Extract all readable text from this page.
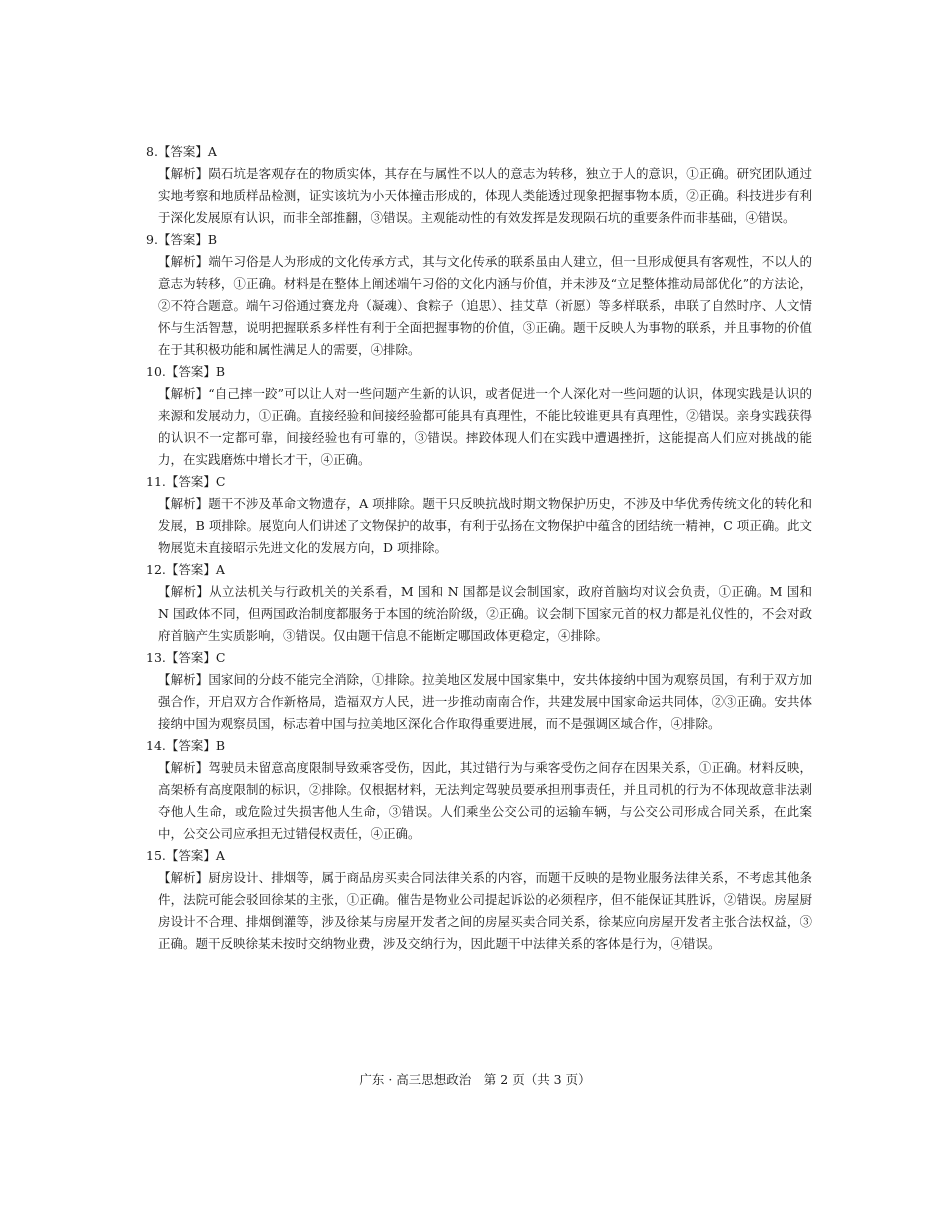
8.【答案】A
【解析】陨石坑是客观存在的物质实体，其存在与属性不以人的意志为转移，独立于人的意识，①正确。研究团队通过实地考察和地质样品检测，证实该坑为小天体撞击形成的，体现人类能透过现象把握事物本质，②正确。科技进步有利于深化发展原有认识，而非全部推翻，③错误。主观能动性的有效发挥是发现陨石坑的重要条件而非基础，④错误。
9.【答案】B
【解析】端午习俗是人为形成的文化传承方式，其与文化传承的联系虽由人建立，但一旦形成便具有客观性，不以人的意志为转移，①正确。材料是在整体上阐述端午习俗的文化内涵与价值，并未涉及“立足整体推动局部优化”的方法论，②不符合题意。端午习俗通过赛龙舟（凝魂）、食粽子（追思）、挂艾草（祈愿）等多样联系，串联了自然时序、人文情怀与生活智慧，说明把握联系多样性有利于全面把握事物的价值，③正确。题干反映人为事物的联系，并且事物的价值在于其积极功能和属性满足人的需要，④排除。
10.【答案】B
【解析】“自己摔一跤”可以让人对一些问题产生新的认识，或者促进一个人深化对一些问题的认识，体现实践是认识的来源和发展动力，①正确。直接经验和间接经验都可能具有真理性，不能比较谁更具有真理性，②错误。亲身实践获得的认识不一定都可靠，间接经验也有可靠的，③错误。摔跤体现人们在实践中遭遇挫折，这能提高人们应对挑战的能力，在实践磨炼中增长才干，④正确。
11.【答案】C
【解析】题干不涉及革命文物遗存，A 项排除。题干只反映抗战时期文物保护历史，不涉及中华优秀传统文化的转化和发展，B 项排除。展览向人们讲述了文物保护的故事，有利于弘扬在文物保护中蕴含的团结统一精神，C 项正确。此文物展览未直接昭示先进文化的发展方向，D 项排除。
12.【答案】A
【解析】从立法机关与行政机关的关系看，M 国和 N 国都是议会制国家，政府首脑均对议会负责，①正确。M 国和 N 国政体不同，但两国政治制度都服务于本国的统治阶级，②正确。议会制下国家元首的权力都是礼仪性的，不会对政府首脑产生实质影响，③错误。仅由题干信息不能断定哪国政体更稳定，④排除。
13.【答案】C
【解析】国家间的分歧不能完全消除，①排除。拉美地区发展中国家集中，安共体接纳中国为观察员国，有利于双方加强合作，开启双方合作新格局，造福双方人民，进一步推动南南合作，共建发展中国家命运共同体，②③正确。安共体接纳中国为观察员国，标志着中国与拉美地区深化合作取得重要进展，而不是强调区域合作，④排除。
14.【答案】B
【解析】驾驶员未留意高度限制导致乘客受伤，因此，其过错行为与乘客受伤之间存在因果关系，①正确。材料反映，高架桥有高度限制的标识，②排除。仅根据材料，无法判定驾驶员要承担刑事责任，并且司机的行为不体现故意非法剥夺他人生命，或危险过失损害他人生命，③错误。人们乘坐公交公司的运输车辆，与公交公司形成合同关系，在此案中，公交公司应承担无过错侵权责任，④正确。
15.【答案】A
【解析】厨房设计、排烟等，属于商品房买卖合同法律关系的内容，而题干反映的是物业服务法律关系，不考虑其他条件，法院可能会驳回徐某的主张，①正确。催告是物业公司提起诉讼的必须程序，但不能保证其胜诉，②错误。房屋厨房设计不合理、排烟倒灌等，涉及徐某与房屋开发者之间的房屋买卖合同关系，徐某应向房屋开发者主张合法权益，③正确。题干反映徐某未按时交纳物业费，涉及交纳行为，因此题干中法律关系的客体是行为，④错误。
广东 · 高三思想政治　第 2 页（共 3 页）
